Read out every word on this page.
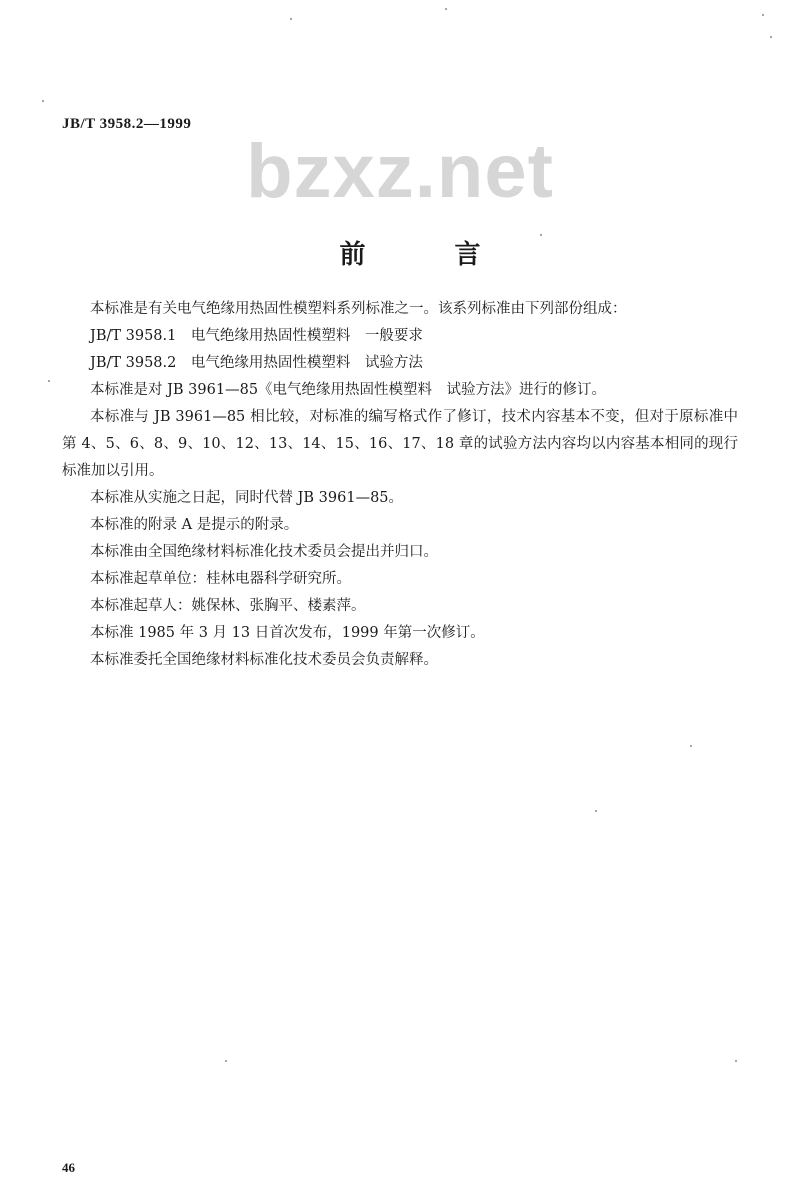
JB/T 3958.2—1999
bzxz.net
前 言

本标准是有关电气绝缘用热固性模塑料系列标准之一。该系列标准由下列部份组成：

JB/T 3958.1　电气绝缘用热固性模塑料　一般要求

JB/T 3958.2　电气绝缘用热固性模塑料　试验方法

本标准是对 JB 3961—85《电气绝缘用热固性模塑料　试验方法》进行的修订。

本标准与 JB 3961—85 相比较，对标准的编写格式作了修订，技术内容基本不变，但对于原标准中第 4、5、6、8、9、10、12、13、14、15、16、17、18 章的试验方法内容均以内容基本相同的现行标准加以引用。

本标准从实施之日起，同时代替 JB 3961—85。

本标准的附录 A 是提示的附录。

本标准由全国绝缘材料标准化技术委员会提出并归口。

本标准起草单位：桂林电器科学研究所。

本标准起草人：姚保林、张胸平、楼素萍。

本标准 1985 年 3 月 13 日首次发布，1999 年第一次修订。

本标准委托全国绝缘材料标准化技术委员会负责解释。

46
